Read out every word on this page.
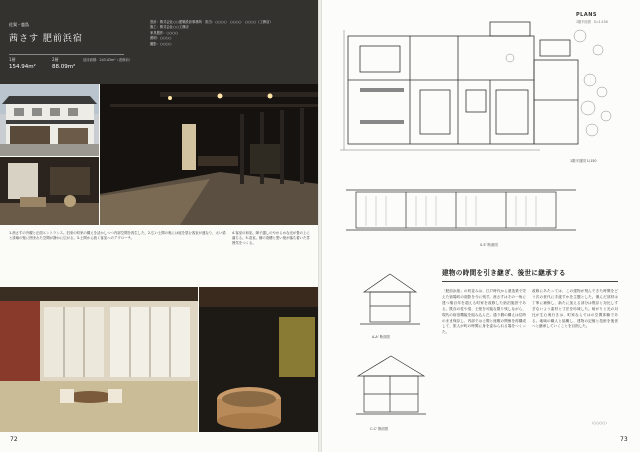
佐賀・鹿島
茜さす 肥前浜宿
1層
154.94m²
2層
88.09m²
延床面積：243.03m²（改修前）
設計：株式会社○○建築設計事務所　担当：○○○○　○○○○　○○○○（工務店）
施工：株式会社○○工務店
家具製作：○○○○
照明：○○○○
撮影：○○○○
1.茜さすの外観と正面エントランス。旧来の町家の構えを活かしつつ内部空間を再生した。2.広い土間の奥には庭を望む客室が連なり、太い梁と漆喰の壁に囲まれた空間が静かに広がる。3.土間から続く客室へのアプローチ。
4.客室の和室。障子越しのやわらかな光が畳の上に落ちる。5.浴室。檜の浴槽と黒い壁が落ち着いた雰囲気をつくる。
72
PLANS
1階平面図　S=1:150
1階平面図 1/150
S-S' 断面図
A-A' 断面図
C-C' 断面図
建物の時間を引き継ぎ、後世に継承する
「肥前浜宿」の町並みは、江戸時代から酒造業で栄えた宿場町の面影を今に残す。茜さすはその一角に建つ築百年を超える町家を改修した宿泊施設である。既存の柱や梁、土壁を可能な限り残しながら、現代の宿泊機能を組み込んだ。通り側の構えは往時のまま保存し、内部では土間と座敷の関係を再構成して、旅人が町の時間に身を委ねられる場をつくった。
改修にあたっては、この建物が刻んできた時間をどう次の世代に手渡すかを主題とした。傷んだ部材は丁寧に補修し、新たに加える部分は既存と対比しすぎないよう素材と寸法を吟味した。暗がりと光の対比が生む奥行きは、町家ならではの空間体験である。地域の職人と協働し、建物の記憶と技術を後世へと継承していくことを目指した。
（○○○○）
73
